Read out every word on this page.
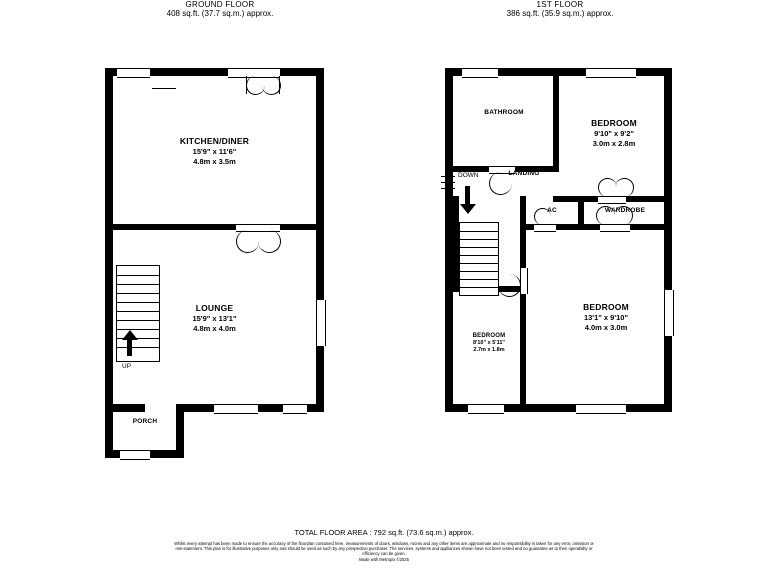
GROUND FLOOR
408 sq.ft. (37.7 sq.m.) approx.
1ST FLOOR
386 sq.ft. (35.9 sq.m.) approx.
UP
KITCHEN/DINER
15'9" x 11'6"
4.8m x 3.5m
LOUNGE
15'9" x 13'1"
4.8m x 4.0m
PORCH
DOWN
BATHROOM
BEDROOM
9'10" x 9'2"
3.0m x 2.8m
LANDING
AC	WARDROBE
BEDROOM
13'1" x 9'10"
4.0m x 3.0m
BEDROOM
8'10" x 5'11"
2.7m x 1.8m
TOTAL FLOOR AREA : 792 sq.ft. (73.6 sq.m.) approx.
Whilst every attempt has been made to ensure the accuracy of the floorplan contained here, measurements of doors, windows, rooms and any other items are approximate and no responsibility is taken for any error, omission or mis-statement. This plan is for illustrative purposes only and should be used as such by any prospective purchaser. The services, systems and appliances shown have not been tested and no guarantee as to their operability or efficiency can be given.
Made with Metropix ©2025
